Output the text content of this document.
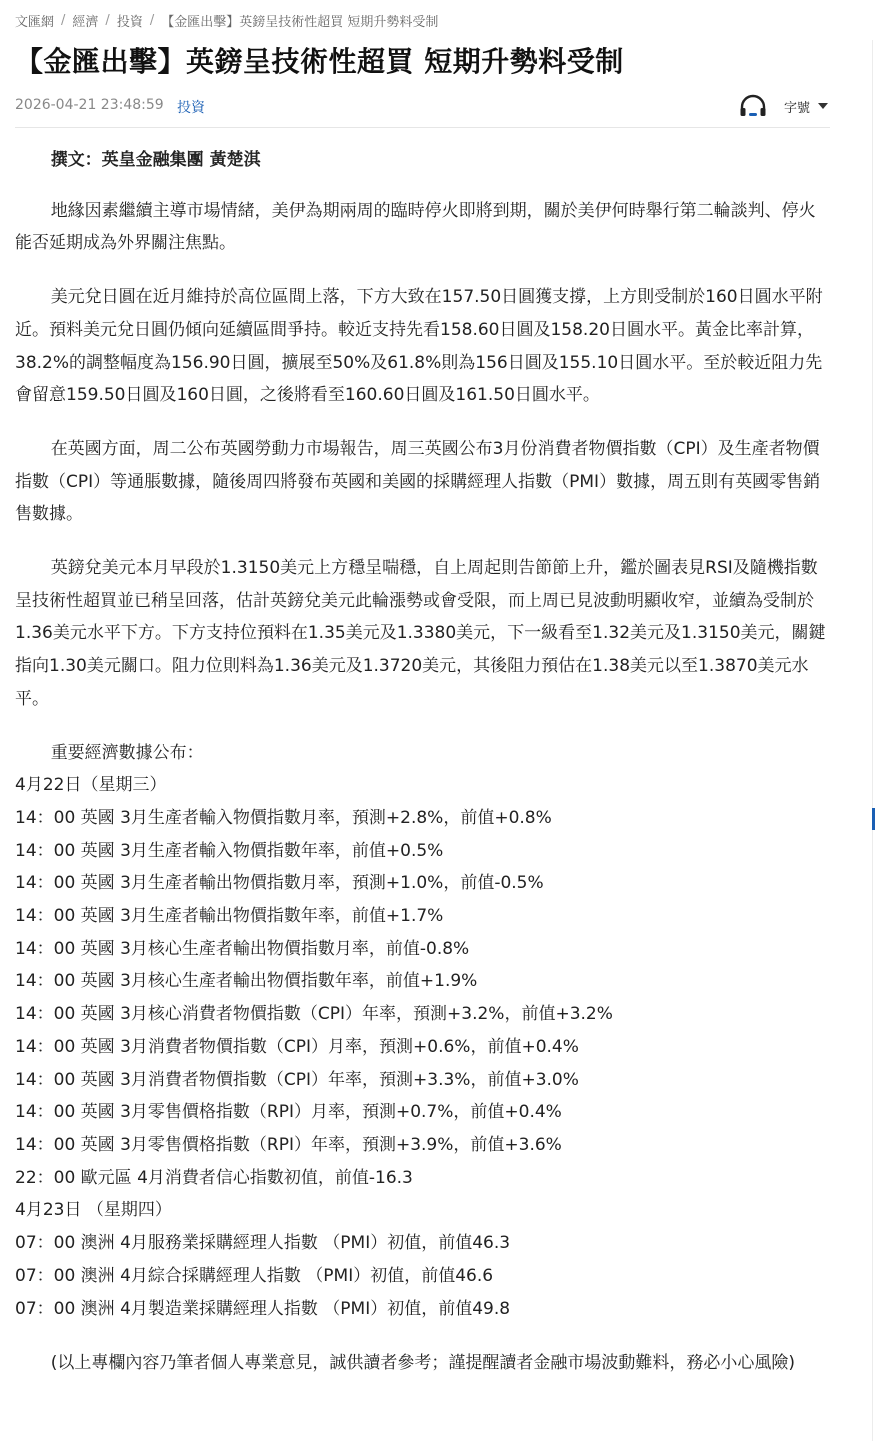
文匯網 / 經濟 / 投資 / 【金匯出擊】英鎊呈技術性超買 短期升勢料受制
【金匯出擊】英鎊呈技術性超買 短期升勢料受制
2026-04-21 23:48:59 投資	字號

撰文：英皇金融集團 黃楚淇

地緣因素繼續主導市場情緒，美伊為期兩周的臨時停火即將到期，關於美伊何時舉行第二輪談判、停火能否延期成為外界關注焦點。

美元兌日圓在近月維持於高位區間上落，下方大致在157.50日圓獲支撐，上方則受制於160日圓水平附近。預料美元兌日圓仍傾向延續區間爭持。較近支持先看158.60日圓及158.20日圓水平。黃金比率計算， 38.2%的調整幅度為156.90日圓，擴展至50%及61.8%則為156日圓及155.10日圓水平。至於較近阻力先會留意159.50日圓及160日圓，之後將看至160.60日圓及161.50日圓水平。

在英國方面，周二公布英國勞動力市場報告，周三英國公布3月份消費者物價指數（CPI）及生產者物價指數（CPI）等通脹數據，隨後周四將發布英國和美國的採購經理人指數（PMI）數據，周五則有英國零售銷售數據。

英鎊兌美元本月早段於1.3150美元上方穩呈喘穩，自上周起則告節節上升，鑑於圖表見RSI及隨機指數呈技術性超買並已稍呈回落，估計英鎊兌美元此輪漲勢或會受限，而上周已見波動明顯收窄，並續為受制於1.36美元水平下方。下方支持位預料在1.35美元及1.3380美元，下一級看至1.32美元及1.3150美元，關鍵指向1.30美元關口。阻力位則料為1.36美元及1.3720美元，其後阻力預估在1.38美元以至1.3870美元水平。

重要經濟數據公布：

4月22日（星期三）

14：00 英國 3月生產者輸入物價指數月率，預測+2.8%，前值+0.8%

14：00 英國 3月生產者輸入物價指數年率，前值+0.5%

14：00 英國 3月生產者輸出物價指數月率，預測+1.0%，前值-0.5%

14：00 英國 3月生產者輸出物價指數年率，前值+1.7%

14：00 英國 3月核心生產者輸出物價指數月率，前值-0.8%

14：00 英國 3月核心生產者輸出物價指數年率，前值+1.9%

14：00 英國 3月核心消費者物價指數（CPI）年率，預測+3.2%，前值+3.2%

14：00 英國 3月消費者物價指數（CPI）月率，預測+0.6%，前值+0.4%

14：00 英國 3月消費者物價指數（CPI）年率，預測+3.3%，前值+3.0%

14：00 英國 3月零售價格指數（RPI）月率，預測+0.7%，前值+0.4%

14：00 英國 3月零售價格指數（RPI）年率，預測+3.9%，前值+3.6%

22：00 歐元區 4月消費者信心指數初值，前值-16.3

4月23日 （星期四）

07：00 澳洲 4月服務業採購經理人指數 （PMI）初值，前值46.3

07：00 澳洲 4月綜合採購經理人指數 （PMI）初值，前值46.6

07：00 澳洲 4月製造業採購經理人指數 （PMI）初值，前值49.8

(以上專欄內容乃筆者個人專業意見，誠供讀者參考；謹提醒讀者金融市場波動難料，務必小心風險)
